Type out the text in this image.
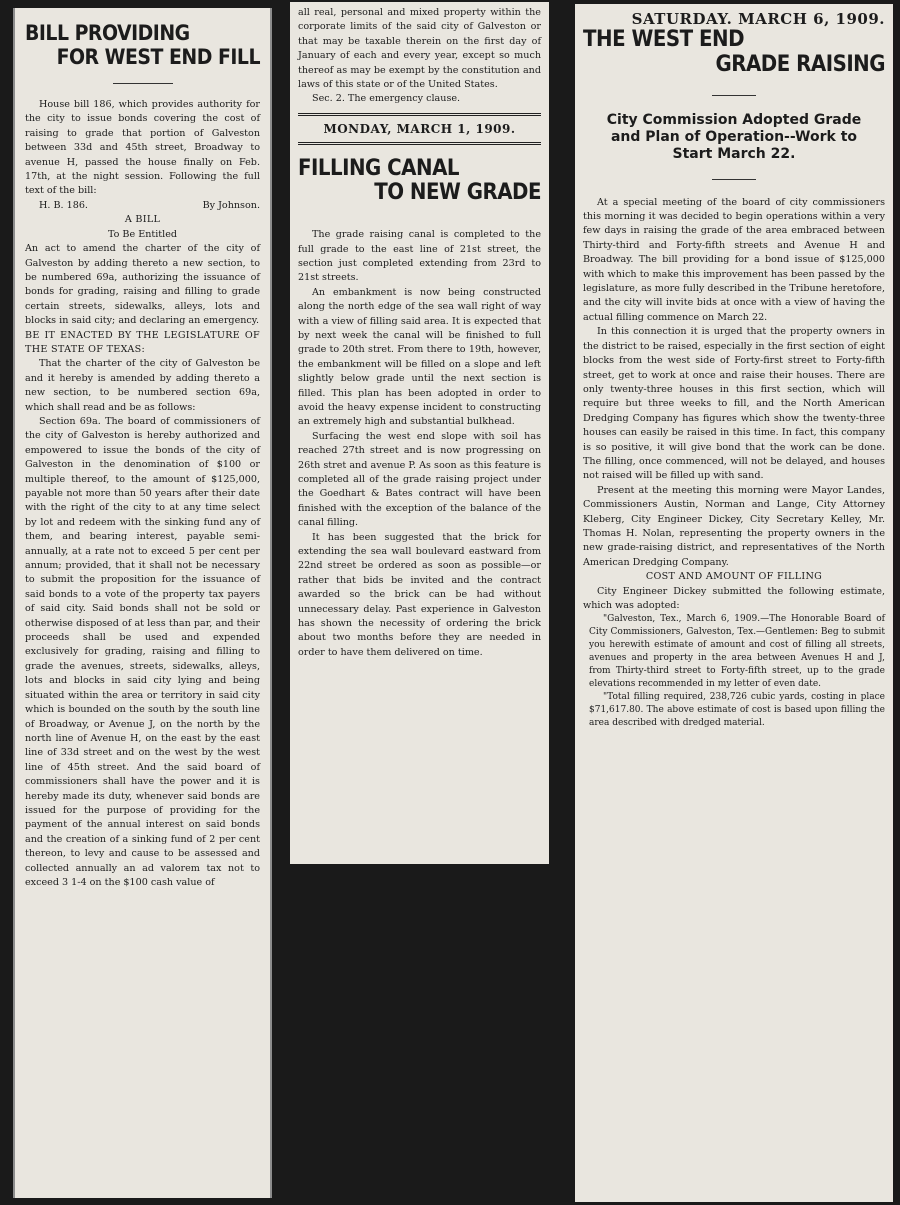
BILL PROVIDING
FOR WEST END FILL

House bill 186, which provides authority for the city to issue bonds covering the cost of raising to grade that portion of Galveston between 33d and 45th street, Broadway to avenue H, passed the house finally on Feb. 17th, at the night session. Following the full text of the bill:

H. B. 186.	By Johnson.
A BILL
To Be Entitled

An act to amend the charter of the city of Galveston by adding thereto a new section, to be numbered 69a, authorizing the issuance of bonds for grading, raising and filling to grade certain streets, sidewalks, alleys, lots and blocks in said city; and declaring an emergency.

BE IT ENACTED BY THE LEGISLATURE OF THE STATE OF TEXAS:

That the charter of the city of Galveston be and it hereby is amended by adding thereto a new section, to be numbered section 69a, which shall read and be as follows:

Section 69a. The board of commissioners of the city of Galveston is hereby authorized and empowered to issue the bonds of the city of Galveston in the denomination of $100 or multiple thereof, to the amount of $125,000, payable not more than 50 years after their date with the right of the city to at any time select by lot and redeem with the sinking fund any of them, and bearing interest, payable semi-annually, at a rate not to exceed 5 per cent per annum; provided, that it shall not be necessary to submit the proposition for the issuance of said bonds to a vote of the property tax payers of said city. Said bonds shall not be sold or otherwise disposed of at less than par, and their proceeds shall be used and expended exclusively for grading, raising and filling to grade the avenues, streets, sidewalks, alleys, lots and blocks in said city lying and being situated within the area or territory in said city which is bounded on the south by the south line of Broadway, or Avenue J, on the north by the north line of Avenue H, on the east by the east line of 33d street and on the west by the west line of 45th street. And the said board of commissioners shall have the power and it is hereby made its duty, whenever said bonds are issued for the purpose of providing for the payment of the annual interest on said bonds and the creation of a sinking fund of 2 per cent thereon, to levy and cause to be assessed and collected annually an ad valorem tax not to exceed 3 1-4 on the $100 cash value of

all real, personal and mixed property within the corporate limits of the said city of Galveston or that may be taxable therein on the first day of January of each and every year, except so much thereof as may be exempt by the constitution and laws of this state or of the United States.

Sec. 2. The emergency clause.

MONDAY, MARCH 1, 1909.
FILLING CANAL
TO NEW GRADE

The grade raising canal is completed to the full grade to the east line of 21st street, the section just completed extending from 23rd to 21st streets.

An embankment is now being constructed along the north edge of the sea wall right of way with a view of filling said area. It is expected that by next week the canal will be finished to full grade to 20th stret. From there to 19th, however, the embankment will be filled on a slope and left slightly below grade until the next section is filled. This plan has been adopted in order to avoid the heavy expense incident to constructing an extremely high and substantial bulkhead.

Surfacing the west end slope with soil has reached 27th street and is now progressing on 26th stret and avenue P. As soon as this feature is completed all of the grade raising project under the Goedhart & Bates contract will have been finished with the exception of the balance of the canal filling.

It has been suggested that the brick for extending the sea wall boulevard eastward from 22nd street be ordered as soon as possible—or rather that bids be invited and the contract awarded so the brick can be had without unnecessary delay. Past experience in Galveston has shown the necessity of ordering the brick about two months before they are needed in order to have them delivered on time.

SATURDAY. MARCH 6, 1909.
THE WEST END
GRADE RAISING
City Commission Adopted Grade and Plan of Operation--Work to Start March 22.

At a special meeting of the board of city commissioners this morning it was decided to begin operations within a very few days in raising the grade of the area embraced between Thirty-third and Forty-fifth streets and Avenue H and Broadway. The bill providing for a bond issue of $125,000 with which to make this improvement has been passed by the legislature, as more fully described in the Tribune heretofore, and the city will invite bids at once with a view of having the actual filling commence on March 22.

In this connection it is urged that the property owners in the district to be raised, especially in the first section of eight blocks from the west side of Forty-first street to Forty-fifth street, get to work at once and raise their houses. There are only twenty-three houses in this first section, which will require but three weeks to fill, and the North American Dredging Company has figures which show the twenty-three houses can easily be raised in this time. In fact, this company is so positive, it will give bond that the work can be done. The filling, once commenced, will not be delayed, and houses not raised will be filled up with sand.

Present at the meeting this morning were Mayor Landes, Commissioners Austin, Norman and Lange, City Attorney Kleberg, City Engineer Dickey, City Secretary Kelley, Mr. Thomas H. Nolan, representing the property owners in the new grade-raising district, and representatives of the North American Dredging Company.

COST AND AMOUNT OF FILLING

City Engineer Dickey submitted the following estimate, which was adopted:

"Galveston, Tex., March 6, 1909.—The Honorable Board of City Commissioners, Galveston, Tex.—Gentlemen: Beg to submit you herewith estimate of amount and cost of filling all streets, avenues and property in the area between Avenues H and J, from Thirty-third street to Forty-fifth street, up to the grade elevations recommended in my letter of even date.

"Total filling required, 238,726 cubic yards, costing in place $71,617.80. The above estimate of cost is based upon filling the area described with dredged material.
